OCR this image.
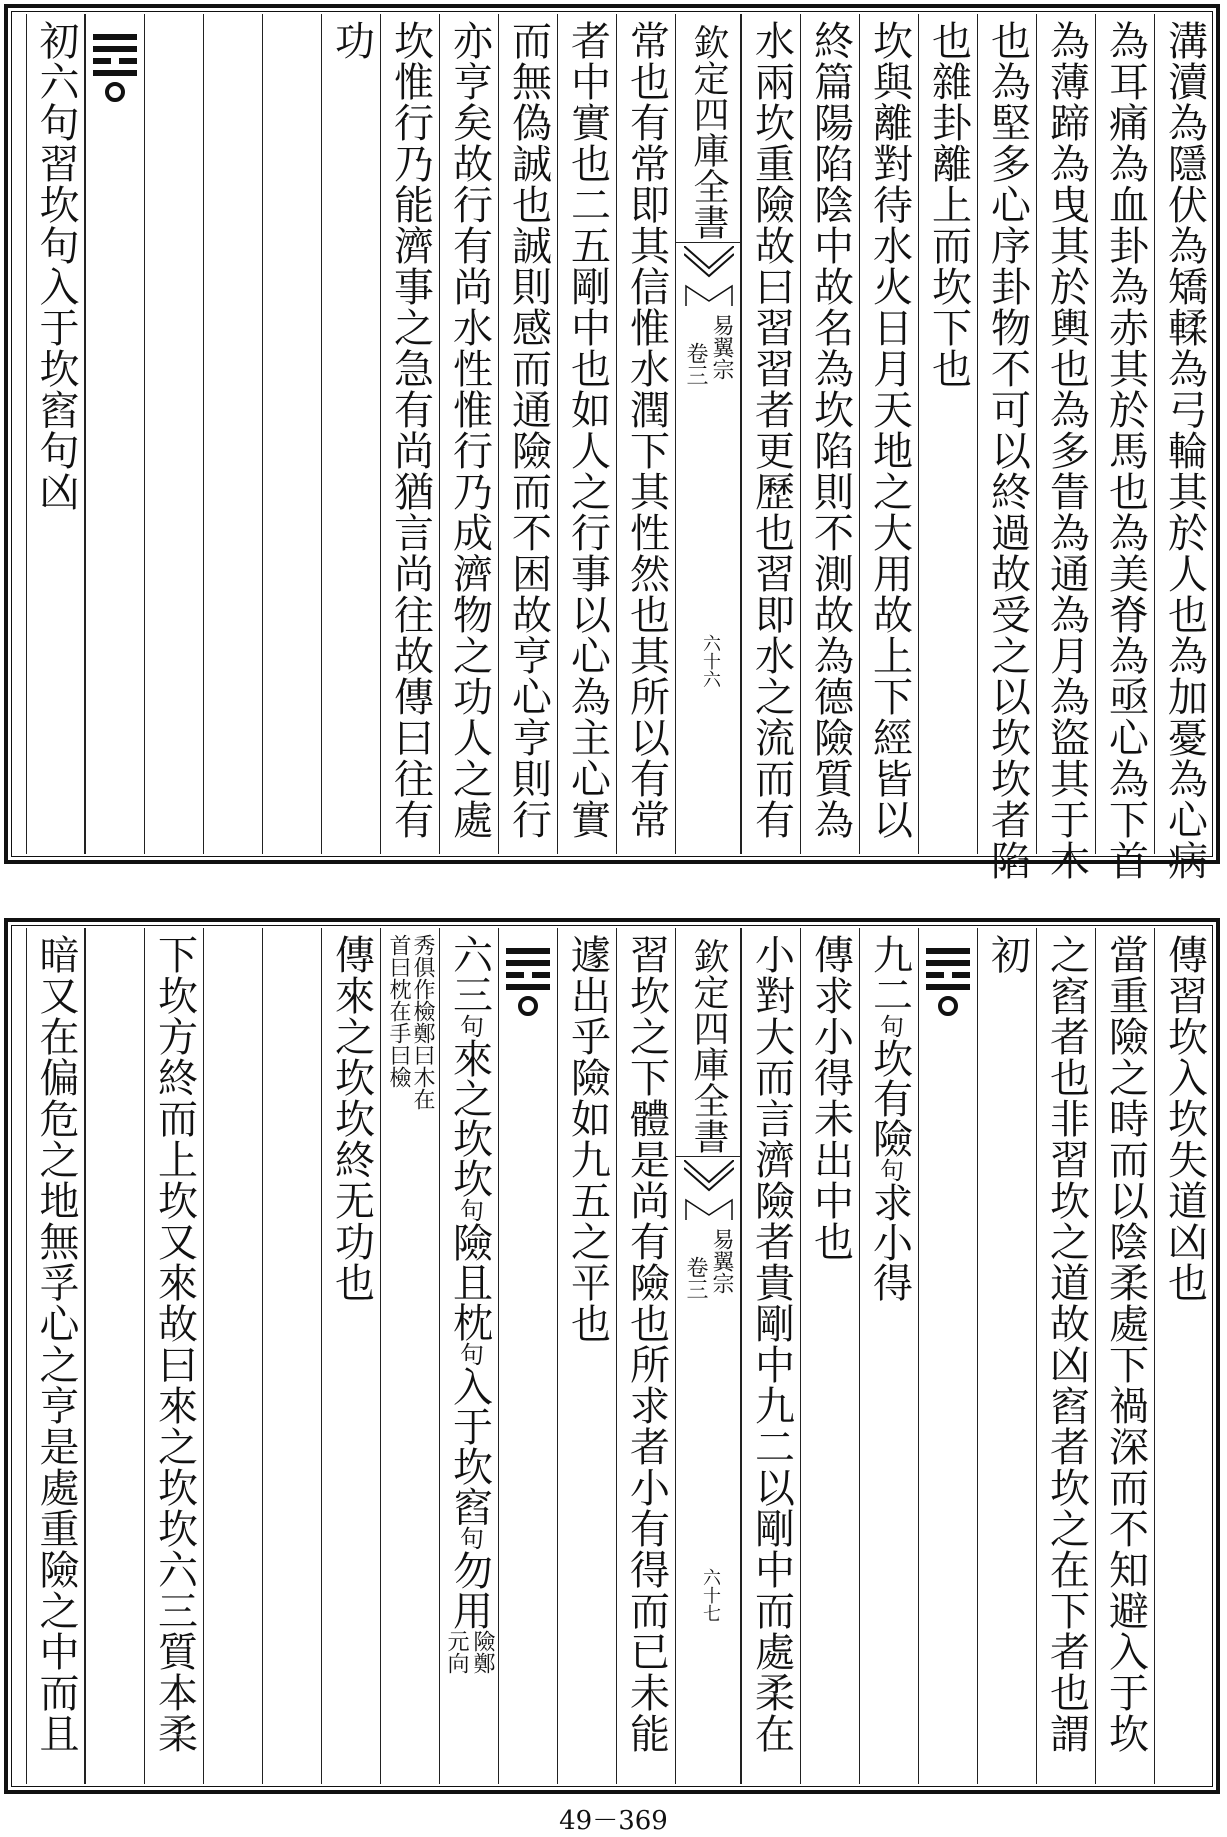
溝瀆為隱伏為矯輮為弓輪其於人也為加憂為心病
為耳痛為血卦為赤其於馬也為美脊為亟心為下首
為薄蹄為曳其於輿也為多眚為通為月為盜其于木
也為堅多心序卦物不可以終過故受之以坎坎者陷
也雜卦離上而坎下也
坎與離對待水火日月天地之大用故上下經皆以
終篇陽陷陰中故名為坎陷則不測故為德險質為
水兩坎重險故曰習習者更歷也習即水之流而有
欽定四庫全書
易翼宗
卷三
六十六
常也有常即其信惟水潤下其性然也其所以有常
者中實也二五剛中也如人之行事以心為主心實
而無偽誠也誠則感而通險而不困故亨心亨則行
亦亨矣故行有尚水性惟行乃成濟物之功人之處
坎惟行乃能濟事之急有尚猶言尚往故傳曰往有
功
初六句習坎句入于坎窞句凶
傳習坎入坎失道凶也
當重險之時而以陰柔處下禍深而不知避入于坎
之窞者也非習坎之道故凶窞者坎之在下者也謂
初
九二句坎有險句求小得
傳求小得未出中也
小對大而言濟險者貴剛中九二以剛中而處柔在
欽定四庫全書
易翼宗
卷三
六十七
習坎之下體是尚有險也所求者小有得而已未能
遽出乎險如九五之平也
六三句來之坎坎句險且枕句入于坎窞句勿用
險鄭
元向
秀俱作檢鄭曰木在
首曰枕在手曰檢
傳來之坎坎終无功也
下坎方終而上坎又來故曰來之坎坎六三質本柔
暗又在偏危之地無孚心之亨是處重險之中而且
49－369
